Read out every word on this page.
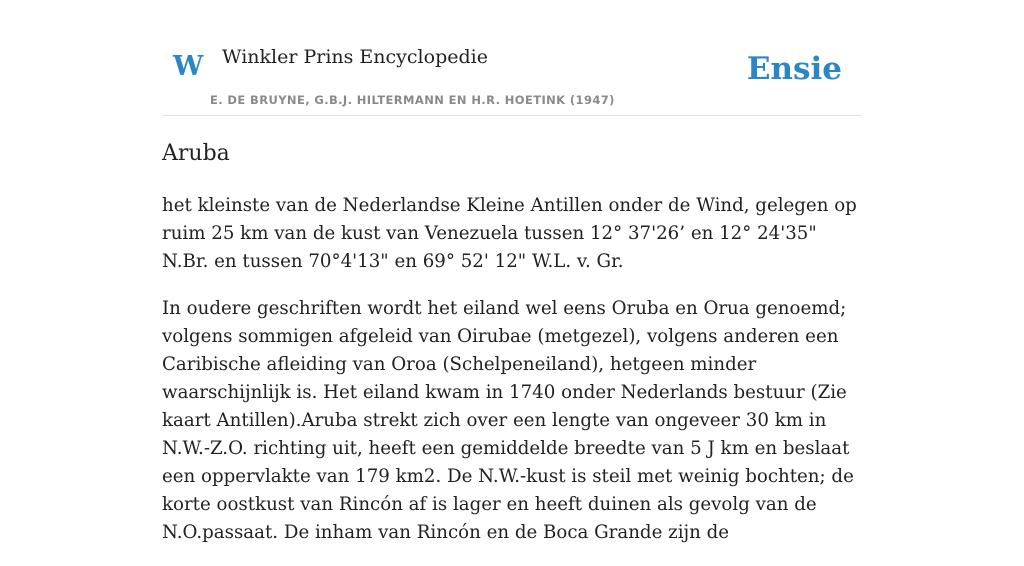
W Winkler Prins Encyclopedie
E. DE BRUYNE, G.B.J. HILTERMANN EN H.R. HOETINK (1947)
Ensie
Aruba

het kleinste van de Nederlandse Kleine Antillen onder de Wind, gelegen op ruim 25 km van de kust van Venezuela tussen 12° 37'26’ en 12° 24'35" N.Br. en tussen 70°4'13" en 69° 52' 12" W.L. v. Gr.

In oudere geschriften wordt het eiland wel eens Oruba en Orua genoemd; volgens sommigen afgeleid van Oirubae (metgezel), volgens anderen een Caribische afleiding van Oroa (Schelpeneiland), hetgeen minder waarschijnlijk is. Het eiland kwam in 1740 onder Nederlands bestuur (Zie kaart Antillen).Aruba strekt zich over een lengte van ongeveer 30 km in N.W.-Z.O. richting uit, heeft een gemiddelde breedte van 5 J km en beslaat een oppervlakte van 179 km2. De N.W.-kust is steil met weinig bochten; de korte oostkust van Rincón af is lager en heeft duinen als gevolg van de N.O.passaat. De inham van Rincón en de Boca Grande zijn de
